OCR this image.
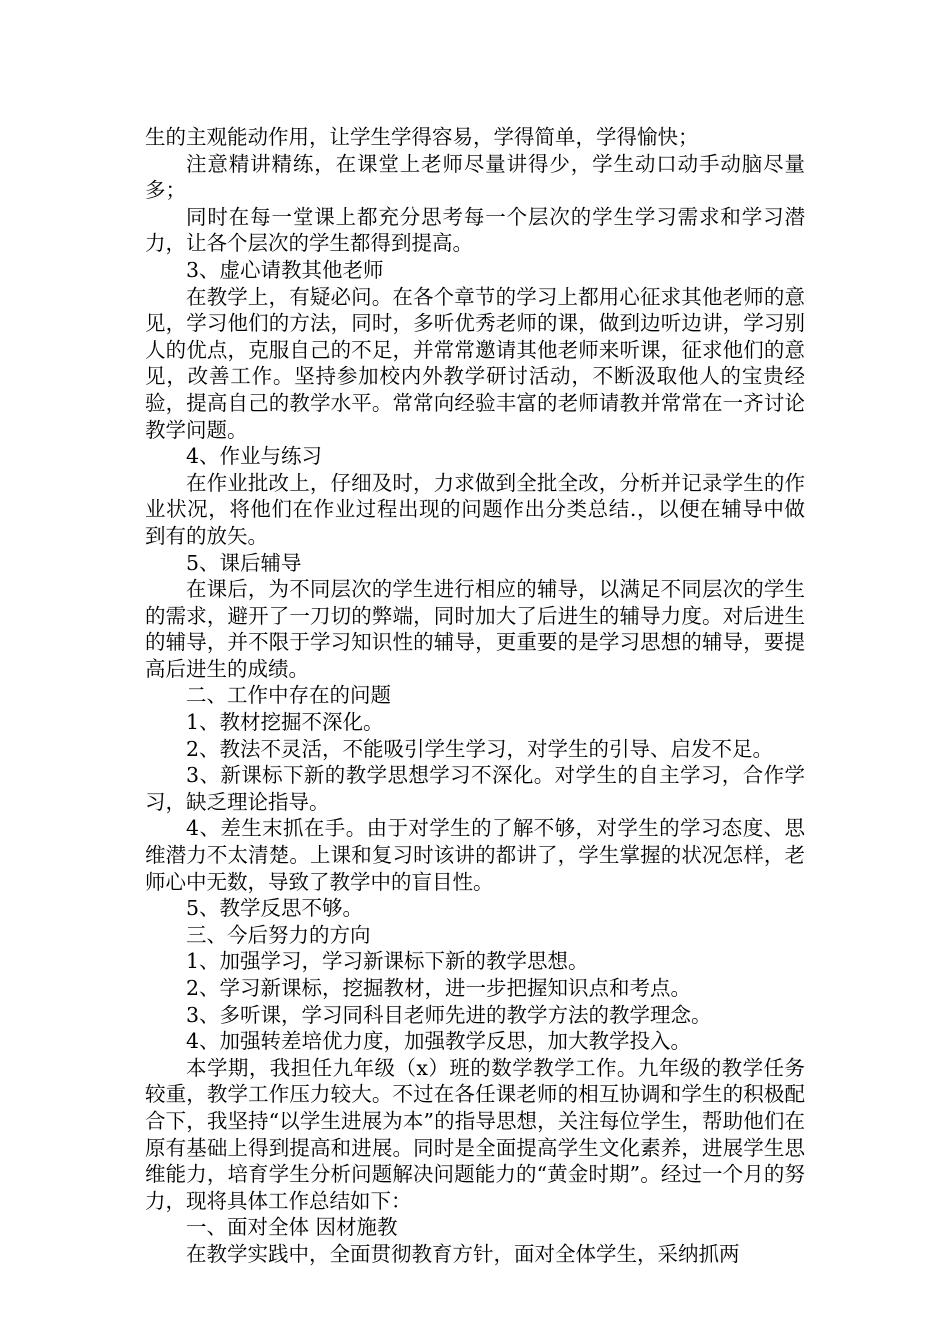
生的主观能动作用，让学生学得容易，学得简单，学得愉快；

注意精讲精练，在课堂上老师尽量讲得少，学生动口动手动脑尽量多；

同时在每一堂课上都充分思考每一个层次的学生学习需求和学习潜力，让各个层次的学生都得到提高。

3、虚心请教其他老师

在教学上，有疑必问。在各个章节的学习上都用心征求其他老师的意见，学习他们的方法，同时，多听优秀老师的课，做到边听边讲，学习别人的优点，克服自己的不足，并常常邀请其他老师来听课，征求他们的意见，改善工作。坚持参加校内外教学研讨活动，不断汲取他人的宝贵经验，提高自己的教学水平。常常向经验丰富的老师请教并常常在一齐讨论教学问题。

4、作业与练习

在作业批改上，仔细及时，力求做到全批全改，分析并记录学生的作业状况，将他们在作业过程出现的问题作出分类总结.，以便在辅导中做到有的放矢。

5、课后辅导

在课后，为不同层次的学生进行相应的辅导，以满足不同层次的学生的需求，避开了一刀切的弊端，同时加大了后进生的辅导力度。对后进生的辅导，并不限于学习知识性的辅导，更重要的是学习思想的辅导，要提高后进生的成绩。

二、工作中存在的问题

1、教材挖掘不深化。

2、教法不灵活，不能吸引学生学习，对学生的引导、启发不足。

3、新课标下新的教学思想学习不深化。对学生的自主学习，合作学习，缺乏理论指导。

4、差生末抓在手。由于对学生的了解不够，对学生的学习态度、思维潜力不太清楚。上课和复习时该讲的都讲了，学生掌握的状况怎样，老师心中无数，导致了教学中的盲目性。

5、教学反思不够。

三、今后努力的方向

1、加强学习，学习新课标下新的教学思想。

2、学习新课标，挖掘教材，进一步把握知识点和考点。

3、多听课，学习同科目老师先进的教学方法的教学理念。

4、加强转差培优力度，加强教学反思，加大教学投入。

本学期，我担任九年级（x）班的数学教学工作。九年级的教学任务较重，教学工作压力较大。不过在各任课老师的相互协调和学生的积极配合下，我坚持“以学生进展为本”的指导思想，关注每位学生，帮助他们在原有基础上得到提高和进展。同时是全面提高学生文化素养，进展学生思维能力，培育学生分析问题解决问题能力的“黄金时期”。经过一个月的努力，现将具体工作总结如下：

一、面对全体 因材施教

在教学实践中，全面贯彻教育方针，面对全体学生，采纳抓两
